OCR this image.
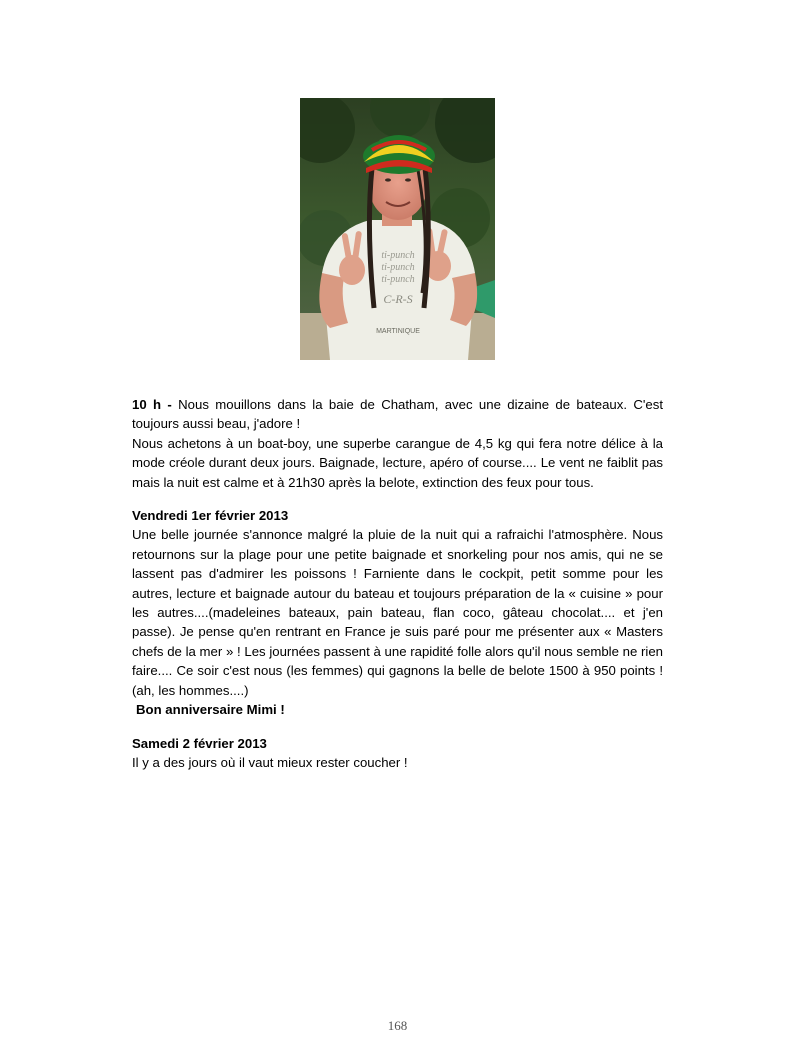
ti-punch
ti-punch
ti-punch
C-R-S
MARTINIQUE

10 h - Nous mouillons dans la baie de Chatham, avec une dizaine de bateaux. C'est toujours aussi beau, j'adore !

Nous achetons à un boat-boy, une superbe carangue de 4,5 kg qui fera notre délice à la mode créole durant deux jours. Baignade, lecture, apéro of course.... Le vent ne faiblit pas mais la nuit est calme et à 21h30 après la belote, extinction des feux pour tous.

Vendredi 1er février 2013

Une belle journée s'annonce malgré la pluie de la nuit qui a rafraichi l'atmosphère. Nous retournons sur la plage pour une petite baignade et snorkeling pour nos amis, qui ne se lassent pas d'admirer les poissons ! Farniente dans le cockpit, petit somme pour les autres, lecture et baignade autour du bateau et toujours préparation de la « cuisine » pour les autres....(madeleines bateaux, pain bateau, flan coco, gâteau chocolat.... et j'en passe). Je pense qu'en rentrant en France je suis paré pour me présenter aux « Masters chefs de la mer » ! Les journées passent à une rapidité folle alors qu'il nous semble ne rien faire.... Ce soir c'est nous (les femmes) qui gagnons la belle de belote 1500 à 950 points ! (ah, les hommes....)

Bon anniversaire Mimi !

Samedi 2 février 2013

Il y a des jours où il vaut mieux rester coucher !

168
